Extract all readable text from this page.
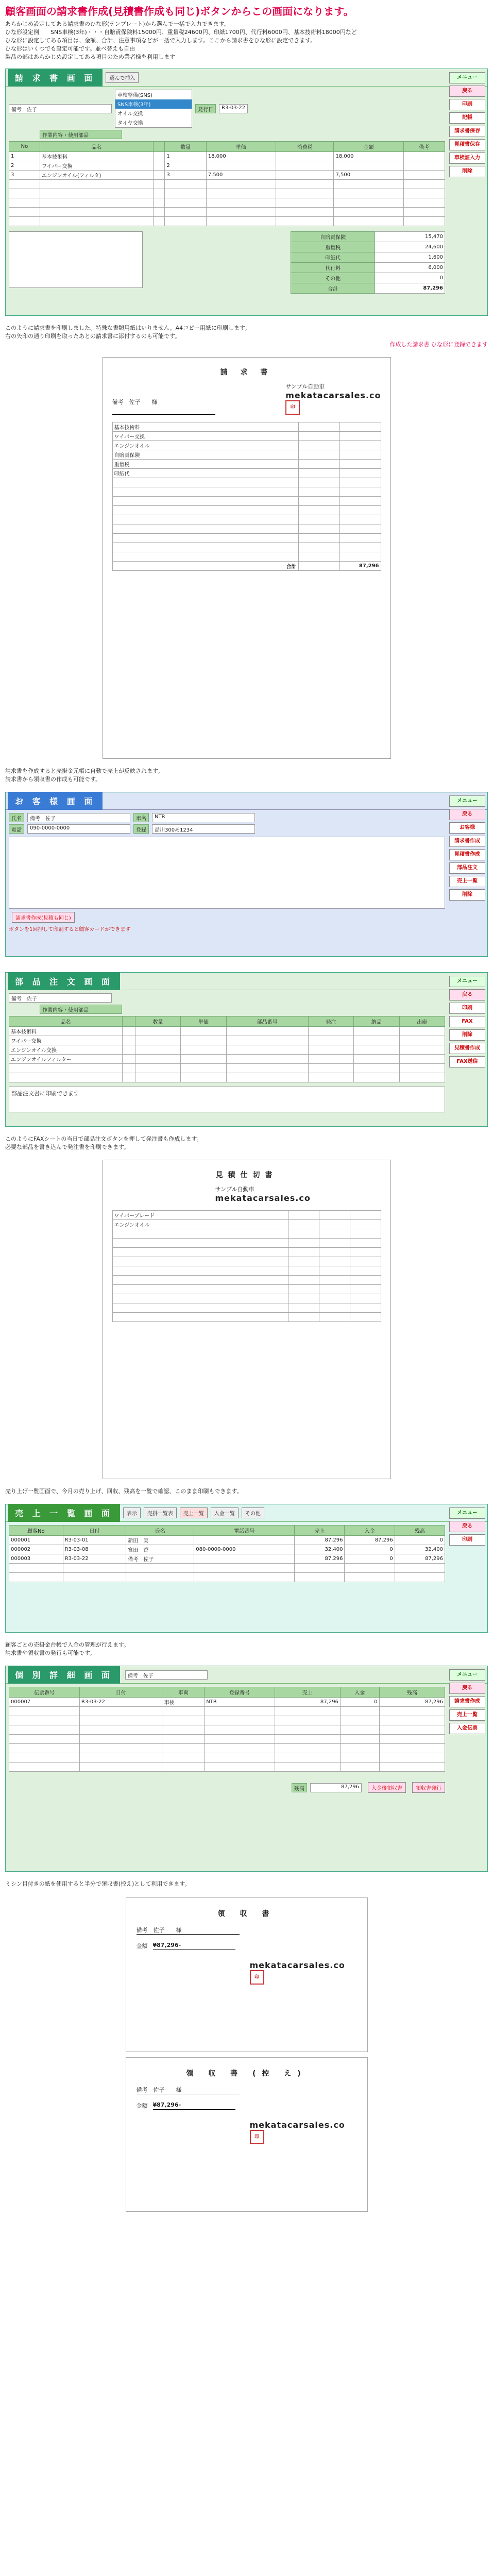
顧客画面の請求書作成(見積書作成も同じ)ボタンからこの画面になります。

あらかじめ設定してある請求書のひな形(テンプレート)から選んで一括で入力できます。

ひな形設定例　　SNS車検(3年)・・・自賠責保険料15000円、重量税24600円、印紙1700円、代行料6000円、基本技術料18000円など

ひな形に設定してある項目は、金額、合計、注意事項などが一括で入力します。ここから請求書をひな形に設定できます。

ひな形はいくつでも設定可能です。並べ替えも自由

製品の部はあらかじめ設定してある項目のため業者様を利用します

請 求 書 画 面	選んで挿入	メニュー
戻る
印刷
記帳
請求書保存
見積書保存
車検証入力
削除
備考　佐子
車検整備(SNS)
SNS車検(3年)
オイル交換
タイヤ交換
発行日	R3-03-22
作業内容・使用部品
No	品名		数量	単価	消費税	金額	備考
1	基本技術料		1	18,000		18,000	
2	ワイパー交換		2				
3	エンジンオイル(フィルタ)		3	7,500		7,500	

自賠責保険	15,470
重量税	24,600
印紙代	1,600
代行料	6,000
その他	0
合計	87,296

このように請求書を印刷しました。特殊な書類用紙はいりません。A4コピー用紙に印刷します。

右の矢印の通り印刷を取ったあとの請求書に添付するのも可能です。

作成した請求書 ひな形に登録できます

請 求 書
備考　佐子　　様
サンプル自動車
mekatacarsales.co
印
基本技術料		
ワイパー交換		
エンジンオイル		
自賠責保険		
重量税		
印紙代		

合計		87,296

請求書を作成すると売掛金元帳に自動で売上が反映されます。

請求書から領収書の作成も可能です。

お 客 様 画 面	メニュー
戻る
お客様
請求書作成
見積書作成
部品注文
売上一覧
削除
氏名	備考　佐子	車名	NTR
電話	090-0000-0000	登録	品川300あ1234
請求書作成(見積も同じ)

ボタンを1回押して印刷すると顧客カードができます

部 品 注 文 画 面	メニュー
戻る
印刷
FAX
削除
見積書作成
FAX送信
備考　佐子
作業内容・使用部品
品名		数量	単価	部品番号	発注	納品	出庫
基本技術料							
ワイパー交換							
エンジンオイル交換							
エンジンオイルフィルター							

部品注文書に印刷できます

このようにFAXシートの当日で部品注文ボタンを押して発注書も作成します。

必要な部品を書き込んで発注書を印刷できます。

見積仕切書
サンプル自動車
mekatacarsales.co
ワイパーブレード			
エンジンオイル			

売り上げ一覧画面で、今月の売り上げ、回収、残高を一覧で確認、このまま印刷もできます。

売 上 一 覧 画 面	表示	売掛一覧表	売上一覧	入金一覧	その他	メニュー
戻る
印刷
顧客No	日付	氏名	電話番号	売上	入金	残高
000001	R3-03-01	新田　実		87,296	87,296	0
000002	R3-03-08	宮田　香	080-0000-0000	32,400	0	32,400
000003	R3-03-22	備考　佐子		87,296	0	87,296

顧客ごとの売掛金台帳で入金の管理が行えます。

請求書や領収書の発行も可能です。

個 別 詳 細 画 面	備考　佐子	メニュー
戻る
請求書作成
売上一覧
入金伝票
伝票番号	日付	車両	登録番号	売上	入金	残高
000007	R3-03-22	車検	NTR	87,296	0	87,296

残高	87,296	入金後領収書	領収書発行

ミシン目付きの紙を使用すると半分で領収書(控え)として利用できます。

領 収 書
備考　佐子　　様
金額 ¥87,296-
mekatacarsales.co
印
領 収 書 (控 え)
備考　佐子　　様
金額 ¥87,296-
mekatacarsales.co
印
